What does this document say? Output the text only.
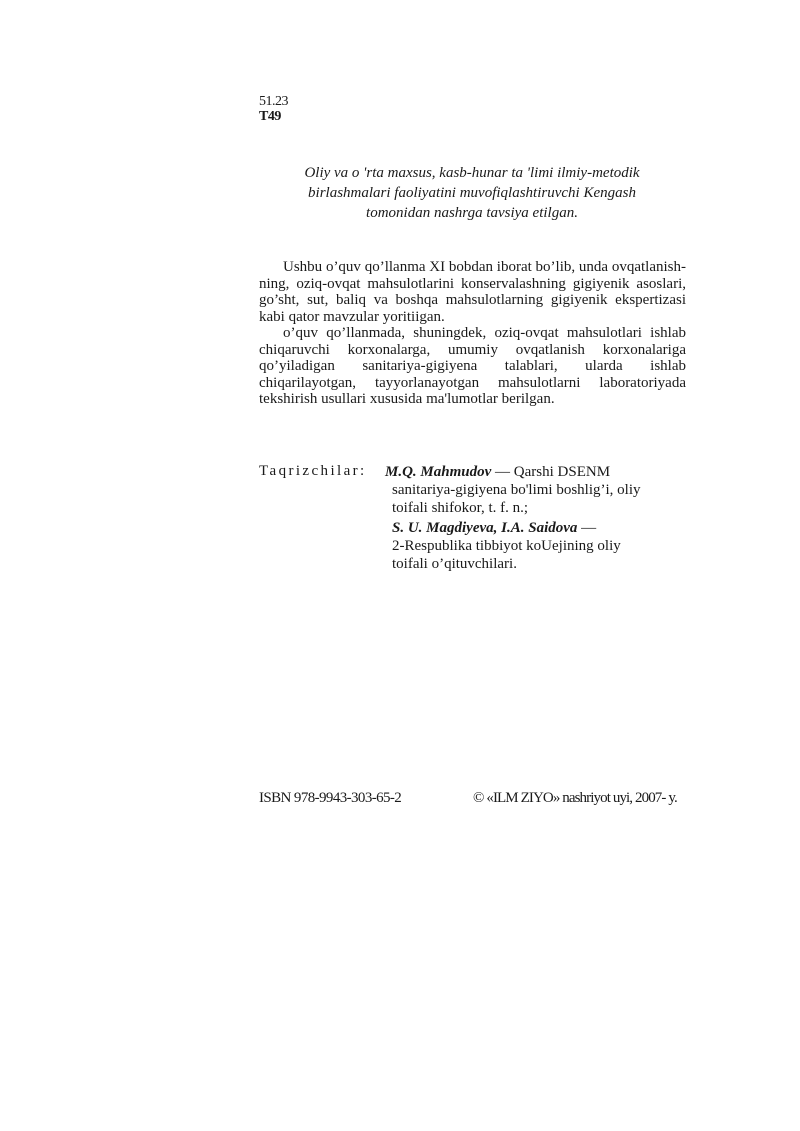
51.23
T49
Oliy va o 'rta maxsus, kasb-hunar ta 'limi ilmiy-metodik
birlashmalari faoliyatini muvofiqlashtiruvchi Kengash
tomonidan nashrga tavsiya etilgan.

Ushbu o’quv qo’llanma XI bobdan iborat bo’lib, unda ovqatlanishning, oziq-ovqat mahsulotlarini konservalashning gigiyenik asoslari, go’sht, sut, baliq va boshqa mahsulotlarning gigiyenik ekspertizasi kabi qator mavzular yoritiigan.

o’quv qo’llanmada, shuningdek, oziq-ovqat mahsulotlari ishlab chiqaruvchi korxonalarga, umumiy ovqatlanish korxonalariga qo’yiladigan sanitariya-gigiyena talablari, ularda ishlab chiqarilayotgan, tayyorlanayotgan mahsulotlarni laboratoriyada tekshirish usullari xususida ma'lumotlar berilgan.

Taqrizchilar: M.Q. Mahmudov — Qarshi DSENM
sanitariya-gigiyena bo'limi boshlig’i, oliy
toifali shifokor, t. f. n.;
S. U. Magdiyeva, I.A. Saidova —
2-Respublika tibbiyot koUejining oliy
toifali o’qituvchilari.
ISBN 978-9943-303-65-2	© «ILM ZIYO» nashriyot uyi, 2007- y.
